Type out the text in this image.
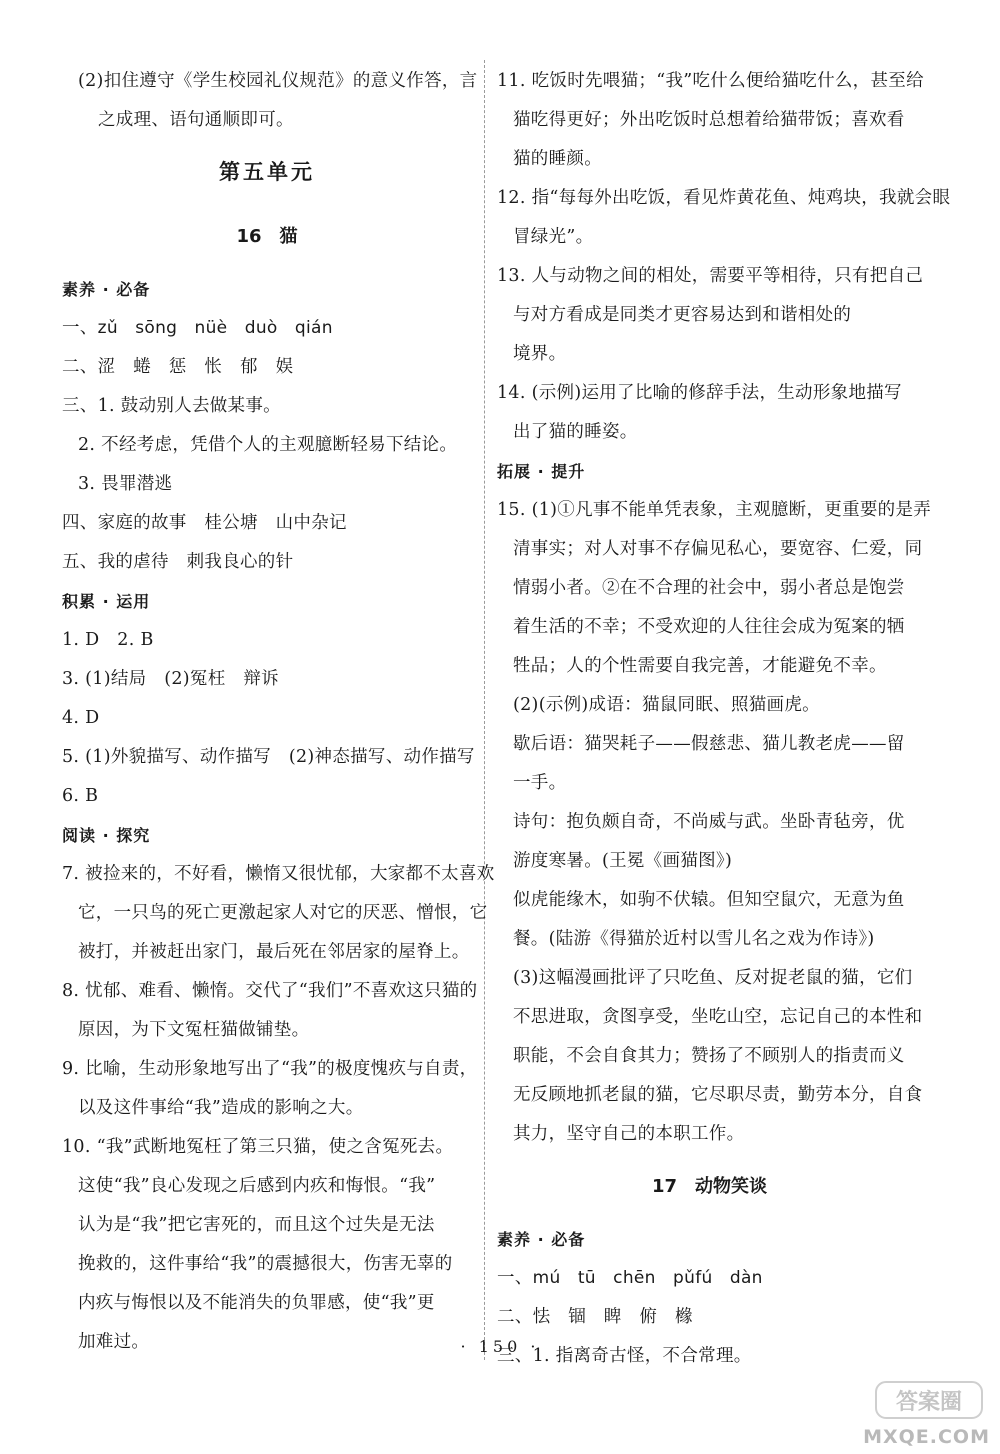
(2)扣住遵守《学生校园礼仪规范》的意义作答，言
之成理、语句通顺即可。
第五单元
16　猫
素养 · 必备
一、zǔ　sōng　nüè　duò　qián
二、涩　蜷　惩　怅　郁　娱
三、1. 鼓动别人去做某事。
2. 不经考虑，凭借个人的主观臆断轻易下结论。
3. 畏罪潜逃
四、家庭的故事　桂公塘　山中杂记
五、我的虐待　刺我良心的针
积累 · 运用
1. D　2. B
3. (1)结局　(2)冤枉　辩诉
4. D
5. (1)外貌描写、动作描写　(2)神态描写、动作描写
6. B
阅读 · 探究
7. 被捡来的，不好看，懒惰又很忧郁，大家都不太喜欢
它，一只鸟的死亡更激起家人对它的厌恶、憎恨，它
被打，并被赶出家门，最后死在邻居家的屋脊上。
8. 忧郁、难看、懒惰。交代了“我们”不喜欢这只猫的
原因，为下文冤枉猫做铺垫。
9. 比喻，生动形象地写出了“我”的极度愧疚与自责，
以及这件事给“我”造成的影响之大。
10. “我”武断地冤枉了第三只猫，使之含冤死去。
这使“我”良心发现之后感到内疚和悔恨。“我”
认为是“我”把它害死的，而且这个过失是无法
挽救的，这件事给“我”的震撼很大，伤害无辜的
内疚与悔恨以及不能消失的负罪感，使“我”更
加难过。
11. 吃饭时先喂猫；“我”吃什么便给猫吃什么，甚至给
猫吃得更好；外出吃饭时总想着给猫带饭；喜欢看
猫的睡颜。
12. 指“每每外出吃饭，看见炸黄花鱼、炖鸡块，我就会眼
冒绿光”。
13. 人与动物之间的相处，需要平等相待，只有把自己
与对方看成是同类才更容易达到和谐相处的
境界。
14. (示例)运用了比喻的修辞手法，生动形象地描写
出了猫的睡姿。
拓展 · 提升
15. (1)①凡事不能单凭表象，主观臆断，更重要的是弄
清事实；对人对事不存偏见私心，要宽容、仁爱，同
情弱小者。②在不合理的社会中，弱小者总是饱尝
着生活的不幸；不受欢迎的人往往会成为冤案的牺
牲品；人的个性需要自我完善，才能避免不幸。
(2)(示例)成语：猫鼠同眠、照猫画虎。
歇后语：猫哭耗子——假慈悲、猫儿教老虎——留
一手。
诗句：抱负颇自奇，不尚威与武。坐卧青毡旁，优
游度寒暑。(王冕《画猫图》)
似虎能缘木，如驹不伏辕。但知空鼠穴，无意为鱼
餐。(陆游《得猫於近村以雪儿名之戏为作诗》)
(3)这幅漫画批评了只吃鱼、反对捉老鼠的猫，它们
不思进取，贪图享受，坐吃山空，忘记自己的本性和
职能，不会自食其力；赞扬了不顾别人的指责而义
无反顾地抓老鼠的猫，它尽职尽责，勤劳本分，自食
其力，坚守自己的本职工作。
17　动物笑谈
素养 · 必备
一、mú　tū　chēn　pǔfú　dàn
二、怯　锢　睥　俯　橼
三、1. 指离奇古怪，不合常理。
· 150 ·
答案圈
MXQE.COM
